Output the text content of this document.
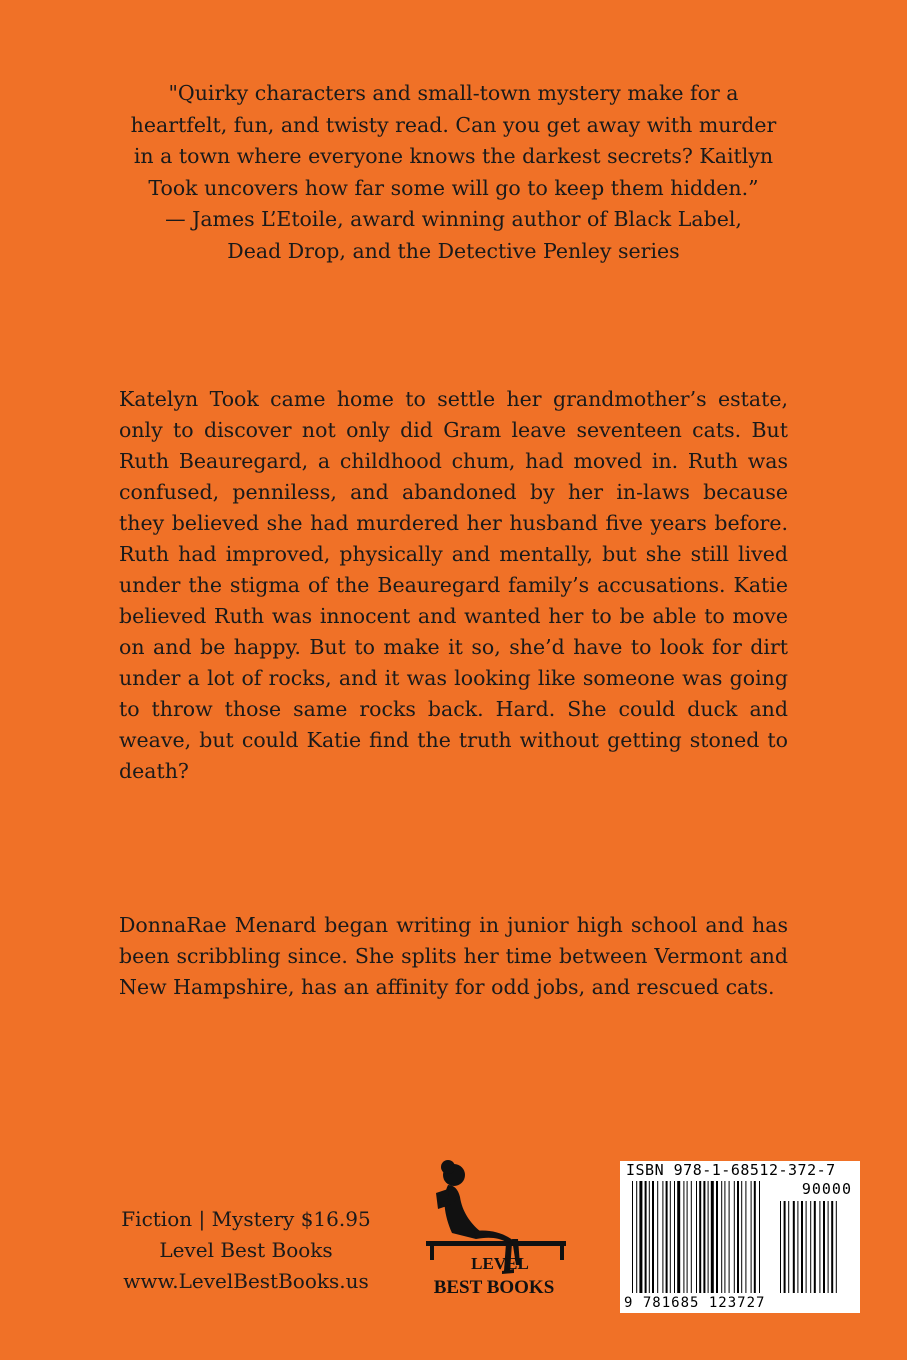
"Quirky characters and small-town mystery make for a

heartfelt, fun, and twisty read. Can you get away with murder

in a town where everyone knows the darkest secrets? Kaitlyn

Took uncovers how far some will go to keep them hidden.”

— James L’Etoile, award winning author of Black Label,

Dead Drop, and the Detective Penley series

Katelyn Took came home to settle her grandmother’s estate, only to discover not only did Gram leave seventeen cats. But Ruth Beauregard, a childhood chum, had moved in. Ruth was confused, penniless, and abandoned by her in-laws because they believed she had murdered her husband five years before. Ruth had improved, physically and mentally, but she still lived under the stigma of the Beauregard family’s accusations. Katie believed Ruth was innocent and wanted her to be able to move on and be happy. But to make it so, she’d have to look for dirt under a lot of rocks, and it was looking like someone was going to throw those same rocks back. Hard. She could duck and weave, but could Katie find the truth without getting stoned to death?

DonnaRae Menard began writing in junior high school and has been scribbling since. She splits her time between Vermont and New Hampshire, has an affinity for odd jobs, and rescued cats.

Fiction | Mystery $16.95
Level Best Books
www.LevelBestBooks.us
LEVEL
BEST BOOKS
ISBN 978-1-68512-372-7
90000
9 781685 123727
